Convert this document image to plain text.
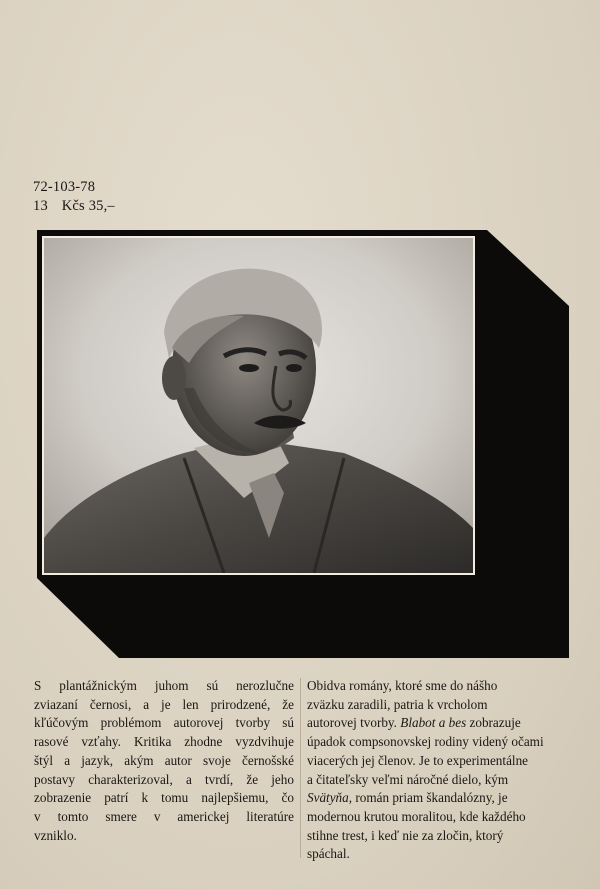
72-103-78
13 Kčs 35,–
S plantážnickým juhom sú nerozlučne
zviazaní černosi, a je len prirodzené, že
kľúčovým problémom autorovej tvorby sú
rasové vzťahy. Kritika zhodne vyzdvihuje
štýl a jazyk, akým autor svoje černošské
postavy charakterizoval, a tvrdí, že jeho
zobrazenie patrí k tomu najlepšiemu, čo
v tomto smere v americkej literatúre
vzniklo.
Obidva romány, ktoré sme do nášho
zväzku zaradili, patria k vrcholom
autorovej tvorby. Blabot a bes zobrazuje
úpadok compsonovskej rodiny videný očami
viacerých jej členov. Je to experimentálne
a čitateľsky veľmi náročné dielo, kým
Svätyňa, román priam škandalózny, je
modernou krutou moralitou, kde každého
stihne trest, i keď nie za zločin, ktorý
spáchal.
